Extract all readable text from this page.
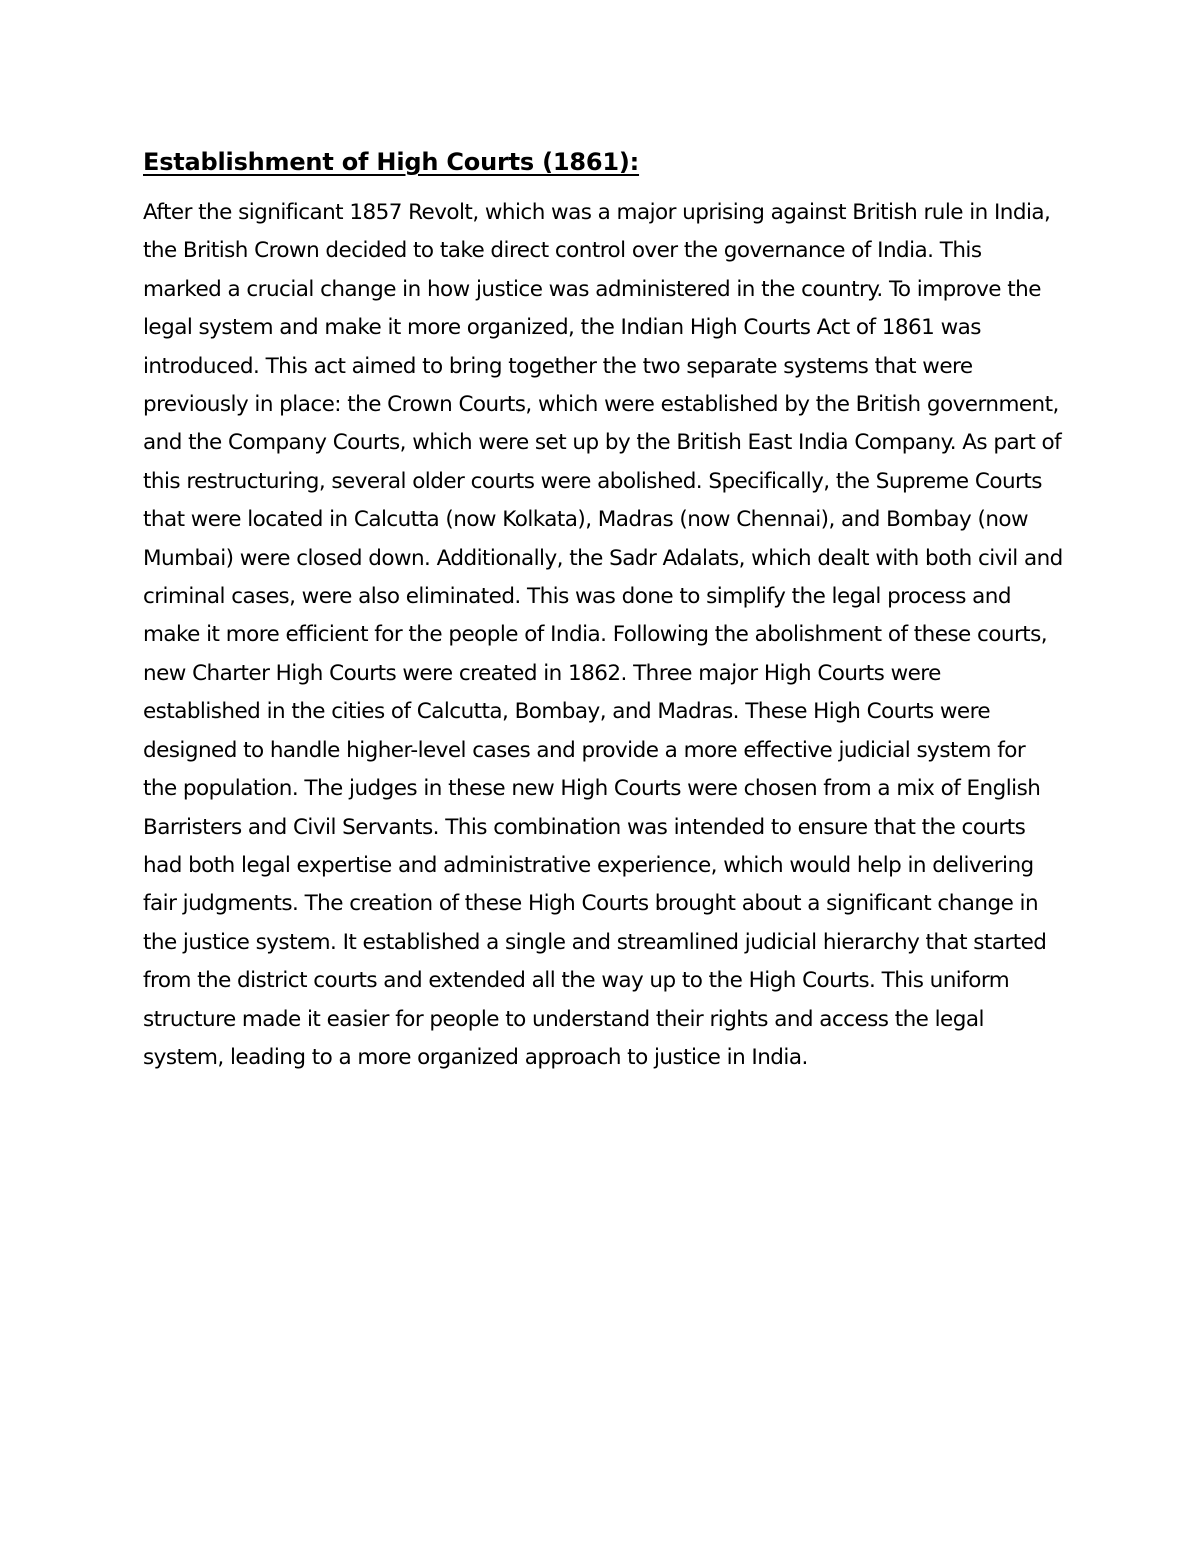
Establishment of High Courts (1861):

After the significant 1857 Revolt, which was a major uprising against British rule in India, the British Crown decided to take direct control over the governance of India. This marked a crucial change in how justice was administered in the country. To improve the legal system and make it more organized, the Indian High Courts Act of 1861 was introduced. This act aimed to bring together the two separate systems that were previously in place: the Crown Courts, which were established by the British government, and the Company Courts, which were set up by the British East India Company. As part of this restructuring, several older courts were abolished. Specifically, the Supreme Courts that were located in Calcutta (now Kolkata), Madras (now Chennai), and Bombay (now Mumbai) were closed down. Additionally, the Sadr Adalats, which dealt with both civil and criminal cases, were also eliminated. This was done to simplify the legal process and make it more efficient for the people of India. Following the abolishment of these courts, new Charter High Courts were created in 1862. Three major High Courts were established in the cities of Calcutta, Bombay, and Madras. These High Courts were designed to handle higher-level cases and provide a more effective judicial system for the population. The judges in these new High Courts were chosen from a mix of English Barristers and Civil Servants. This combination was intended to ensure that the courts had both legal expertise and administrative experience, which would help in delivering fair judgments. The creation of these High Courts brought about a significant change in the justice system. It established a single and streamlined judicial hierarchy that started from the district courts and extended all the way up to the High Courts. This uniform structure made it easier for people to understand their rights and access the legal system, leading to a more organized approach to justice in India.
